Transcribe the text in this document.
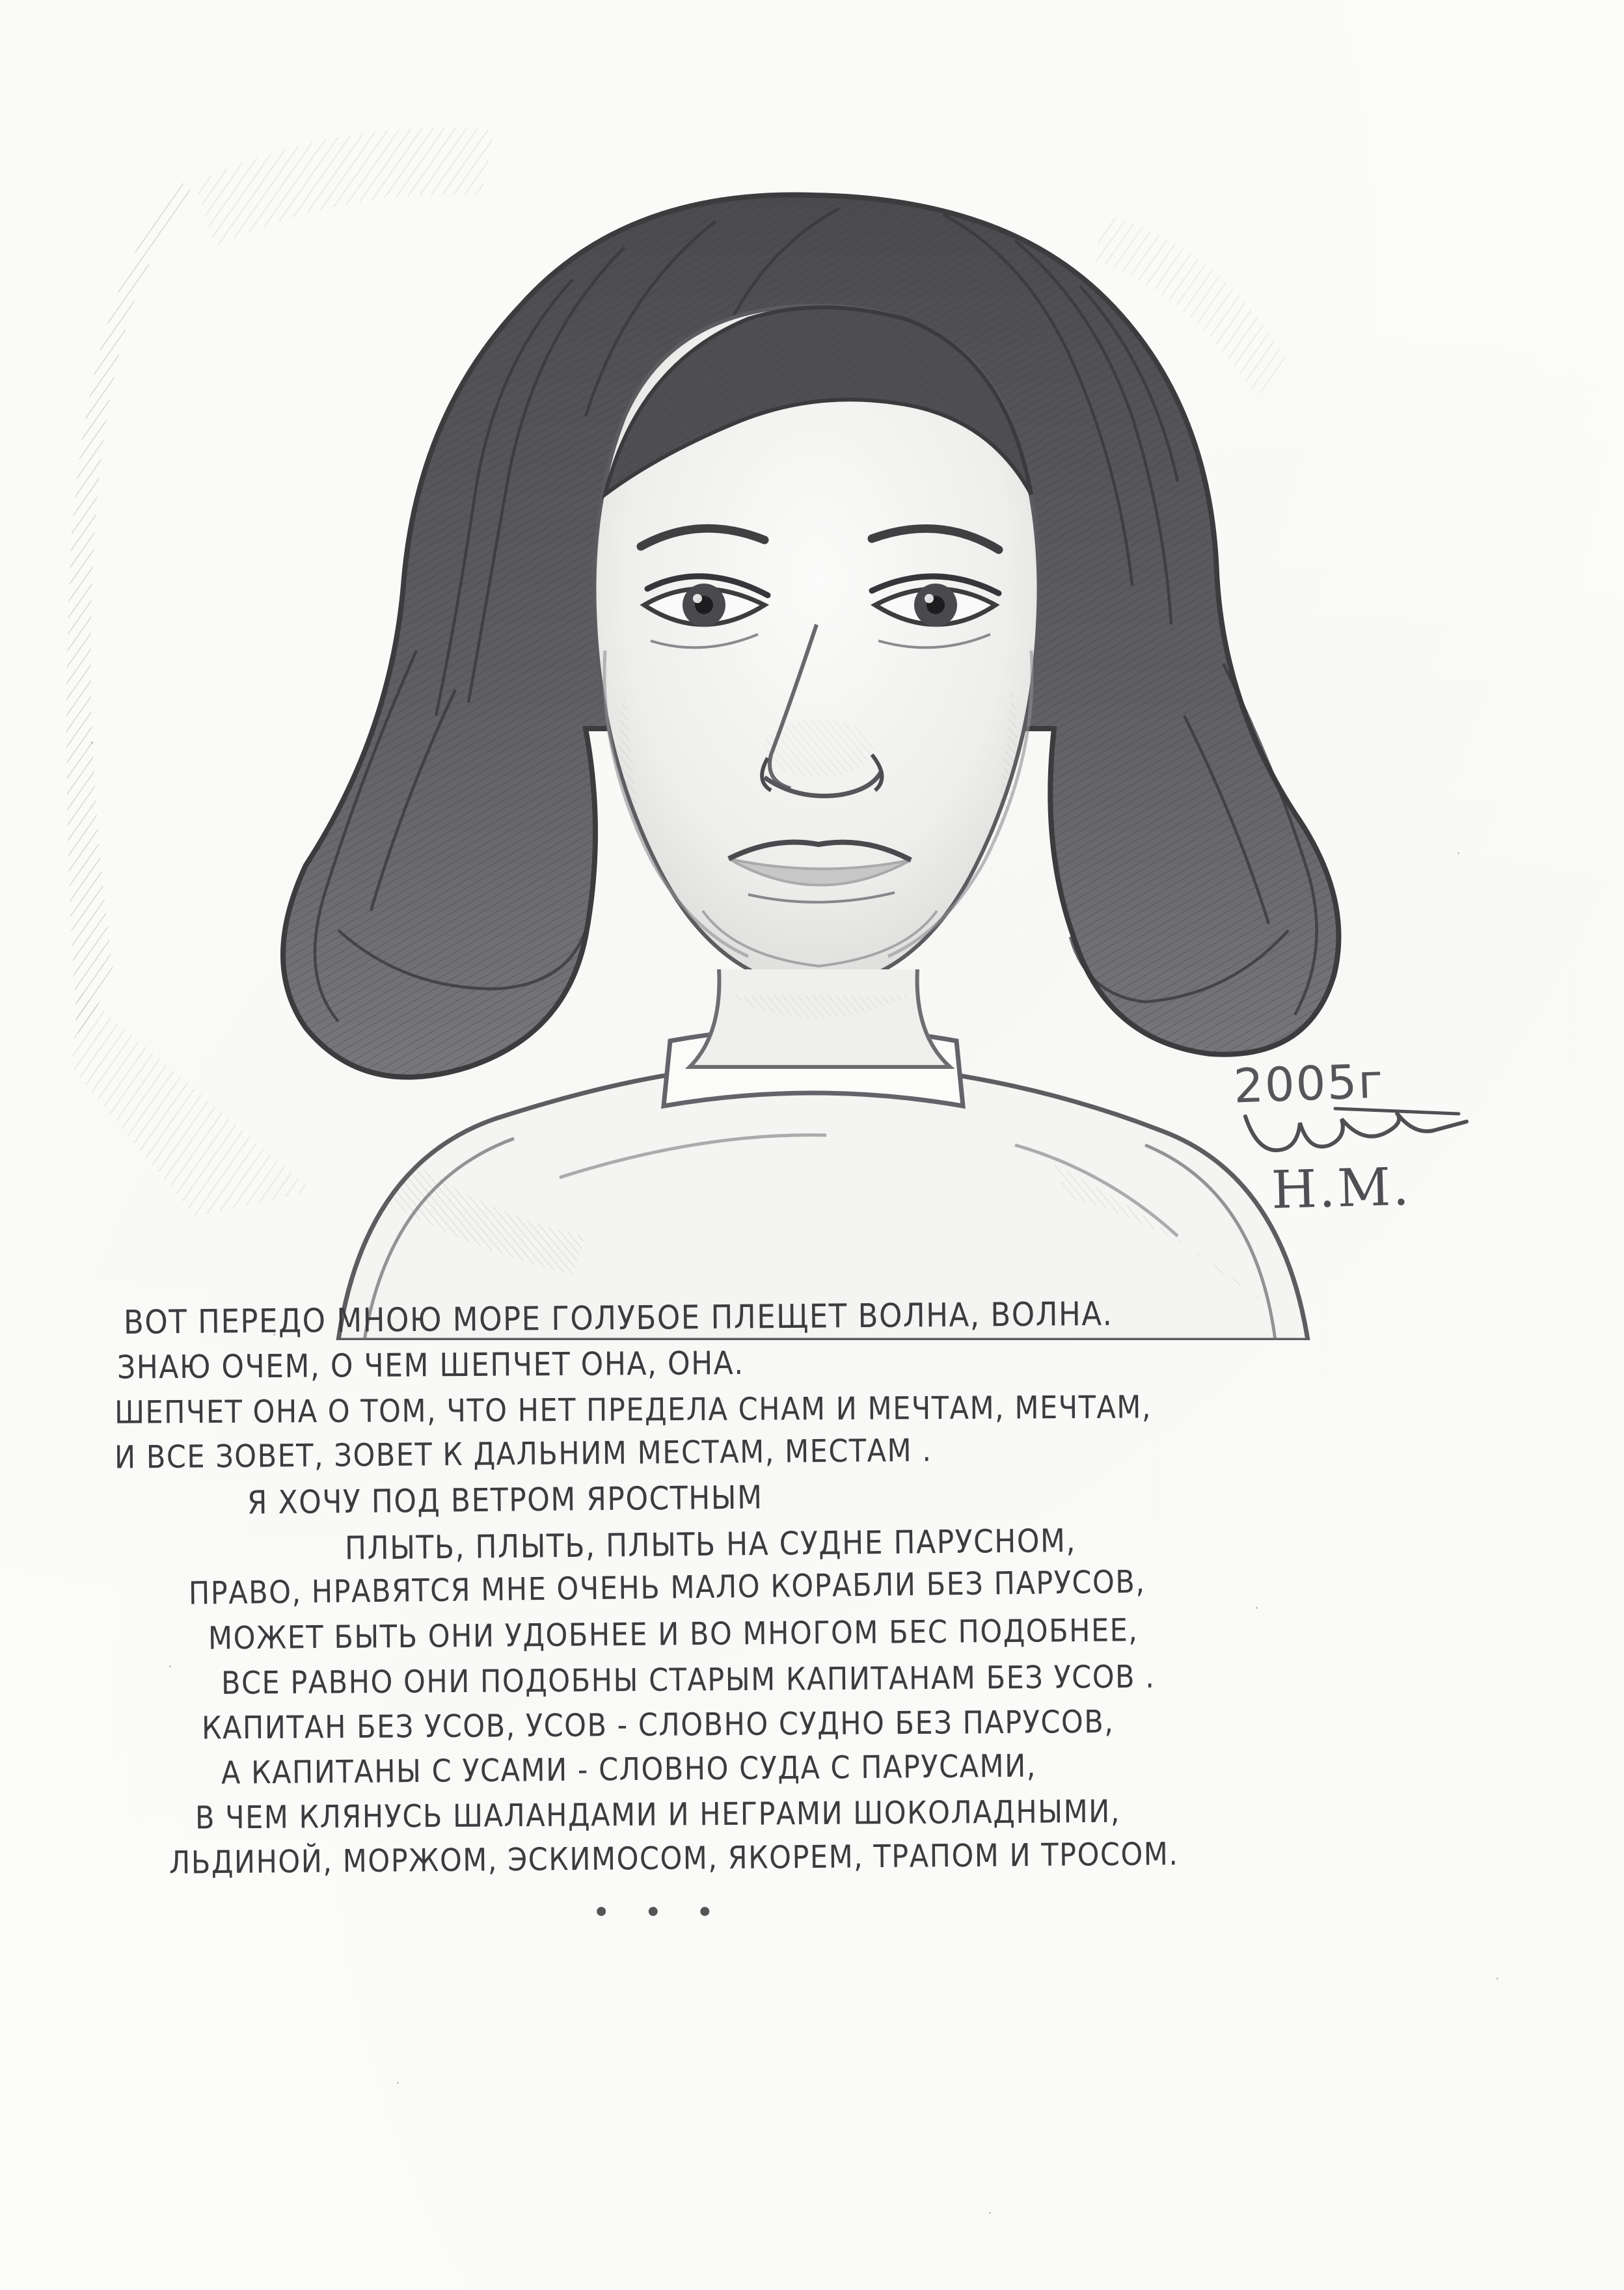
2005г
Н.М.
ВОТ ПЕРЕДО МНОЮ МОРЕ ГОЛУБОЕ ПЛЕЩЕТ ВОЛНА, ВОЛНА.
ЗНАЮ ОЧЕМ, О ЧЕМ ШЕПЧЕТ ОНА, ОНА.
ШЕПЧЕТ ОНА О ТОМ, ЧТО НЕТ ПРЕДЕЛА СНАМ И МЕЧТАМ, МЕЧТАМ,
И ВСЕ ЗОВЕТ, ЗОВЕТ К ДАЛЬНИМ МЕСТАМ, МЕСТАМ .
Я ХОЧУ ПОД ВЕТРОМ ЯРОСТНЫМ
ПЛЫТЬ, ПЛЫТЬ, ПЛЫТЬ НА СУДНЕ ПАРУСНОМ,
ПРАВО, НРАВЯТСЯ МНЕ ОЧЕНЬ МАЛО КОРАБЛИ БЕЗ ПАРУСОВ,
МОЖЕТ БЫТЬ ОНИ УДОБНЕЕ И ВО МНОГОМ БЕС ПОДОБНЕЕ,
ВСЕ РАВНО ОНИ ПОДОБНЫ СТАРЫМ КАПИТАНАМ БЕЗ УСОВ .
КАПИТАН БЕЗ УСОВ, УСОВ - СЛОВНО СУДНО БЕЗ ПАРУСОВ,
А КАПИТАНЫ С УСАМИ - СЛОВНО СУДА С ПАРУСАМИ,
В ЧЕМ КЛЯНУСЬ ШАЛАНДАМИ И НЕГРАМИ ШОКОЛАДНЫМИ,
ЛЬДИНОЙ, МОРЖОМ, ЭСКИМОСОМ, ЯКОРЕМ, ТРАПОМ И ТРОСОМ.
• • •
